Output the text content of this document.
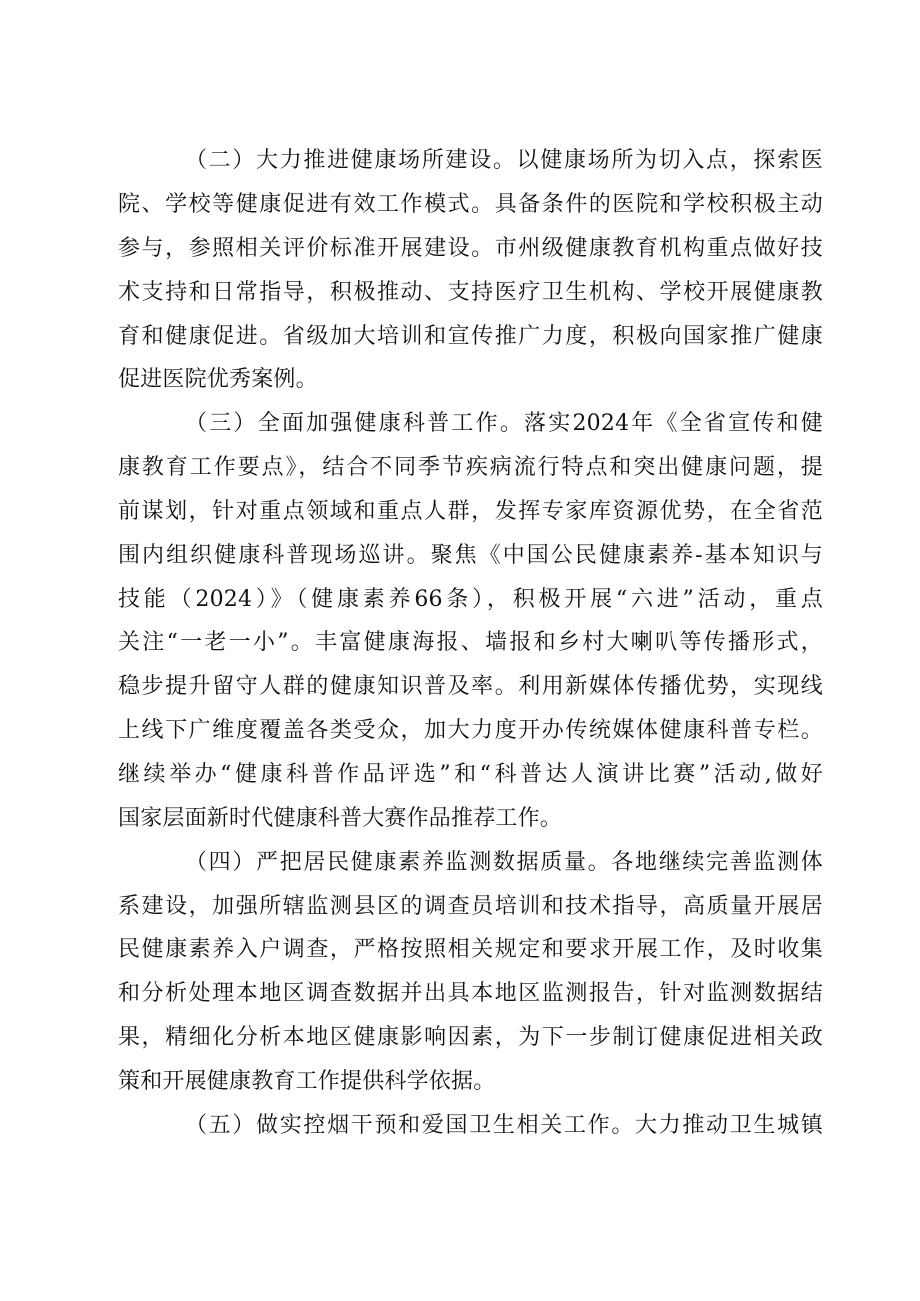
（二）大力推进健康场所建设。以健康场所为切入点，探索医
院、学校等健康促进有效工作模式。具备条件的医院和学校积极主动
参与，参照相关评价标准开展建设。市州级健康教育机构重点做好技
术支持和日常指导，积极推动、支持医疗卫生机构、学校开展健康教
育和健康促进。省级加大培训和宣传推广力度，积极向国家推广健康
促进医院优秀案例。
（三）全面加强健康科普工作。落实2024年《全省宣传和健
康教育工作要点》，结合不同季节疾病流行特点和突出健康问题，提
前谋划，针对重点领域和重点人群，发挥专家库资源优势，在全省范
围内组织健康科普现场巡讲。聚焦《中国公民健康素养-基本知识与
技能（2024）》（健康素养66条），积极开展“六进”活动，重点
关注“一老一小”。丰富健康海报、墙报和乡村大喇叭等传播形式，
稳步提升留守人群的健康知识普及率。利用新媒体传播优势，实现线
上线下广维度覆盖各类受众，加大力度开办传统媒体健康科普专栏。
继续举办“健康科普作品评选”和“科普达人演讲比赛”活动,做好
国家层面新时代健康科普大赛作品推荐工作。
（四）严把居民健康素养监测数据质量。各地继续完善监测体
系建设，加强所辖监测县区的调查员培训和技术指导，高质量开展居
民健康素养入户调查，严格按照相关规定和要求开展工作，及时收集
和分析处理本地区调查数据并出具本地区监测报告，针对监测数据结
果，精细化分析本地区健康影响因素，为下一步制订健康促进相关政
策和开展健康教育工作提供科学依据。
（五）做实控烟干预和爱国卫生相关工作。大力推动卫生城镇
